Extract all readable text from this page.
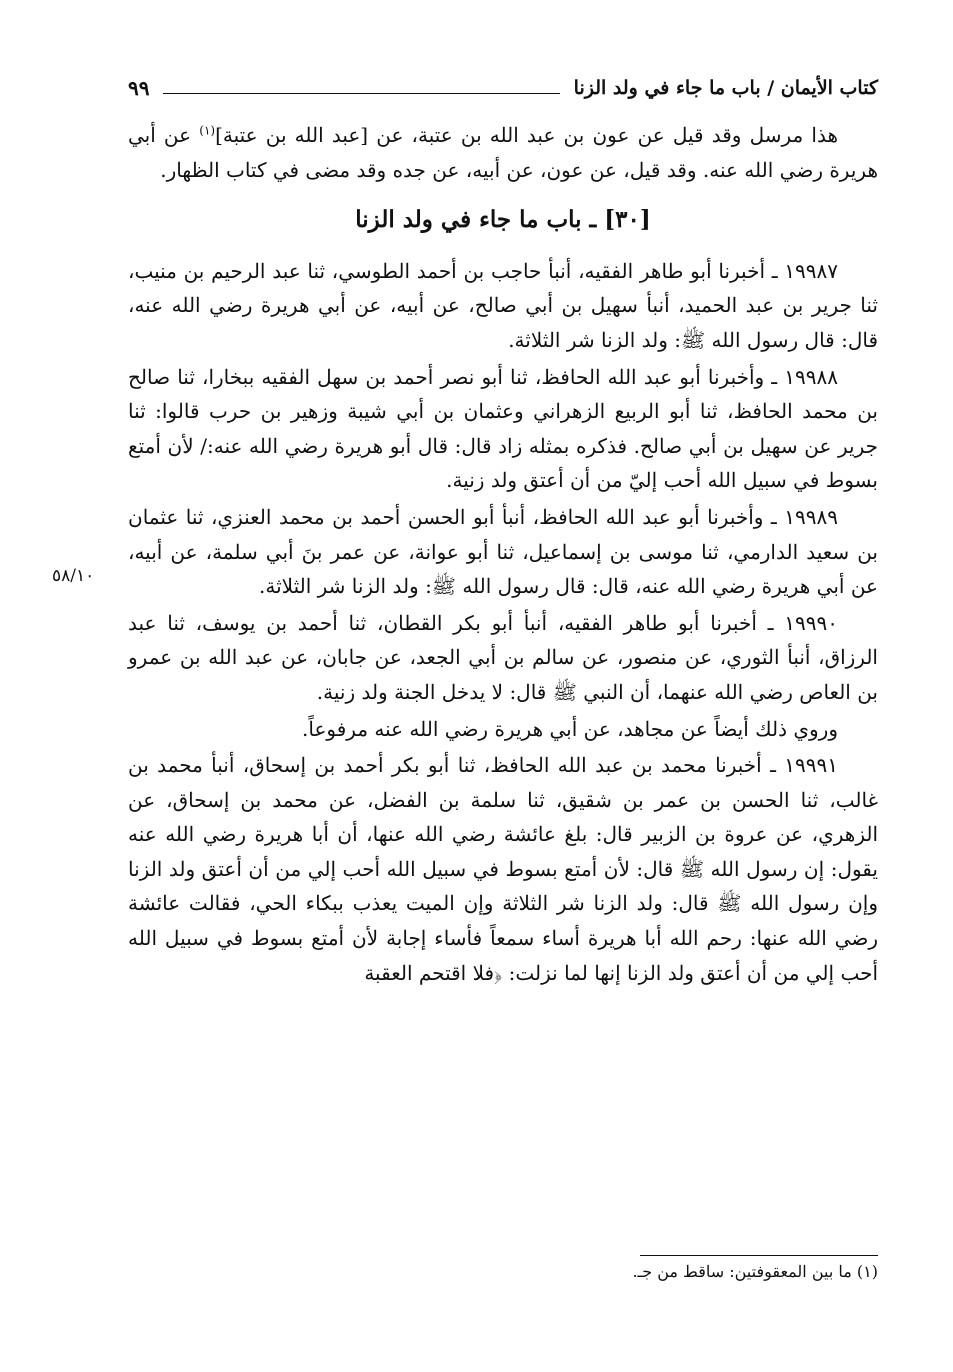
كتاب الأيمان / باب ما جاء في ولد الزنا
٩٩

هذا مرسل وقد قيل عن عون بن عبد الله بن عتبة، عن [عبد الله بن عتبة]$^{(١)}$ عن أبي هريرة رضي الله عنه. وقد قيل، عن عون، عن أبيه، عن جده وقد مضى في كتاب الظهار.

[٣٠] ـ باب ما جاء في ولد الزنا

١٩٩٨٧ ـ أخبرنا أبو طاهر الفقيه، أنبأ حاجب بن أحمد الطوسي، ثنا عبد الرحيم بن منيب، ثنا جرير بن عبد الحميد، أنبأ سهيل بن أبي صالح، عن أبيه، عن أبي هريرة رضي الله عنه، قال: قال رسول الله ﷺ: ولد الزنا شر الثلاثة.

١٩٩٨٨ ـ وأخبرنا أبو عبد الله الحافظ، ثنا أبو نصر أحمد بن سهل الفقيه ببخارا، ثنا صالح بن محمد الحافظ، ثنا أبو الربيع الزهراني وعثمان بن أبي شيبة وزهير بن حرب قالوا: ثنا جرير عن سهيل بن أبي صالح. فذكره بمثله زاد قال: قال أبو هريرة رضي الله عنه:/ لأن أمتع بسوط في سبيل الله أحب إليّ من أن أعتق ولد زنية.

١٩٩٨٩ ـ وأخبرنا أبو عبد الله الحافظ، أنبأ أبو الحسن أحمد بن محمد العنزي، ثنا عثمان بن سعيد الدارمي، ثنا موسى بن إسماعيل، ثنا أبو عوانة، عن عمر بنَ أبي سلمة، عن أبيه، عن أبي هريرة رضي الله عنه، قال: قال رسول الله ﷺ: ولد الزنا شر الثلاثة.

١٩٩٩٠ ـ أخبرنا أبو طاهر الفقيه، أنبأ أبو بكر القطان، ثنا أحمد بن يوسف، ثنا عبد الرزاق، أنبأ الثوري، عن منصور، عن سالم بن أبي الجعد، عن جابان، عن عبد الله بن عمرو بن العاص رضي الله عنهما، أن النبي ﷺ قال: لا يدخل الجنة ولد زنية.

وروي ذلك أيضاً عن مجاهد، عن أبي هريرة رضي الله عنه مرفوعاً.

١٩٩٩١ ـ أخبرنا محمد بن عبد الله الحافظ، ثنا أبو بكر أحمد بن إسحاق، أنبأ محمد بن غالب، ثنا الحسن بن عمر بن شقيق، ثنا سلمة بن الفضل، عن محمد بن إسحاق، عن الزهري، عن عروة بن الزبير قال: بلغ عائشة رضي الله عنها، أن أبا هريرة رضي الله عنه يقول: إن رسول الله ﷺ قال: لأن أمتع بسوط في سبيل الله أحب إلي من أن أعتق ولد الزنا وإن رسول الله ﷺ قال: ولد الزنا شر الثلاثة وإن الميت يعذب ببكاء الحي، فقالت عائشة رضي الله عنها: رحم الله أبا هريرة أساء سمعاً فأساء إجابة لأن أمتع بسوط في سبيل الله أحب إلي من أن أعتق ولد الزنا إنها لما نزلت: ﴿فلا اقتحم العقبة

٥٨/١٠
(١) ما بين المعقوفتين: ساقط من جـ.
